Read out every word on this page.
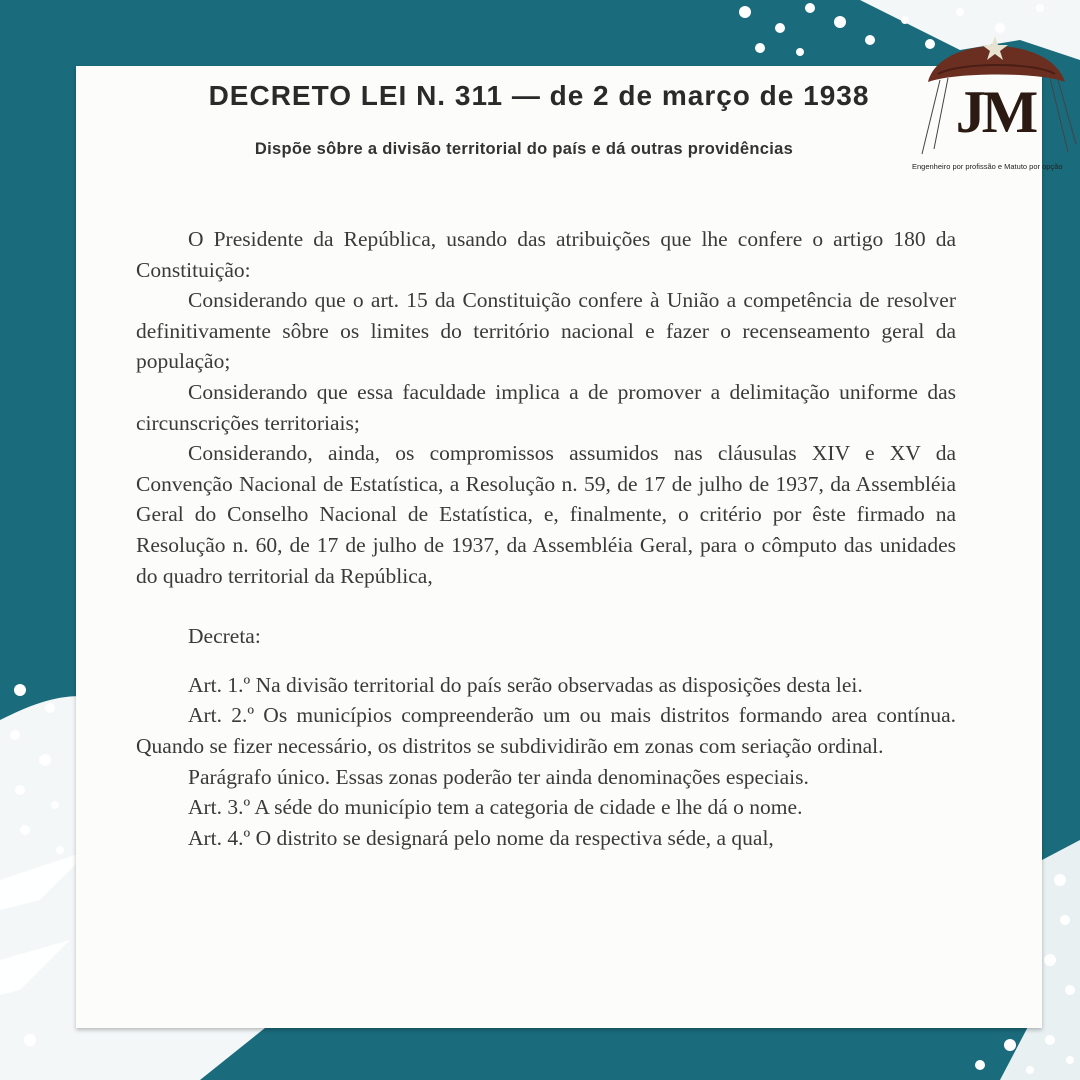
DECRETO LEI N. 311 — de 2 de março de 1938
Dispõe sôbre a divisão territorial do país e dá outras providências

O Presidente da República, usando das atribuições que lhe confere o artigo 180 da Constituição:

Considerando que o art. 15 da Constituição confere à União a competência de resolver definitivamente sôbre os limites do território nacional e fazer o recenseamento geral da população;

Considerando que essa faculdade implica a de promover a delimitação uniforme das circunscrições territoriais;

Considerando, ainda, os compromissos assumidos nas cláusulas XIV e XV da Convenção Nacional de Estatística, a Resolução n. 59, de 17 de julho de 1937, da Assembléia Geral do Conselho Nacional de Estatística, e, finalmente, o critério por êste firmado na Resolução n. 60, de 17 de julho de 1937, da Assembléia Geral, para o cômputo das unidades do quadro territorial da República,

Decreta:

Art. 1.º Na divisão territorial do país serão observadas as disposições desta lei.

Art. 2.º Os municípios compreenderão um ou mais distritos formando area contínua. Quando se fizer necessário, os distritos se subdividirão em zonas com seriação ordinal.

Parágrafo único. Essas zonas poderão ter ainda denominações especiais.

Art. 3.º A séde do município tem a categoria de cidade e lhe dá o nome.

Art. 4.º O distrito se designará pelo nome da respectiva séde, a qual,

JM
Engenheiro por profissão e Matuto por opção
